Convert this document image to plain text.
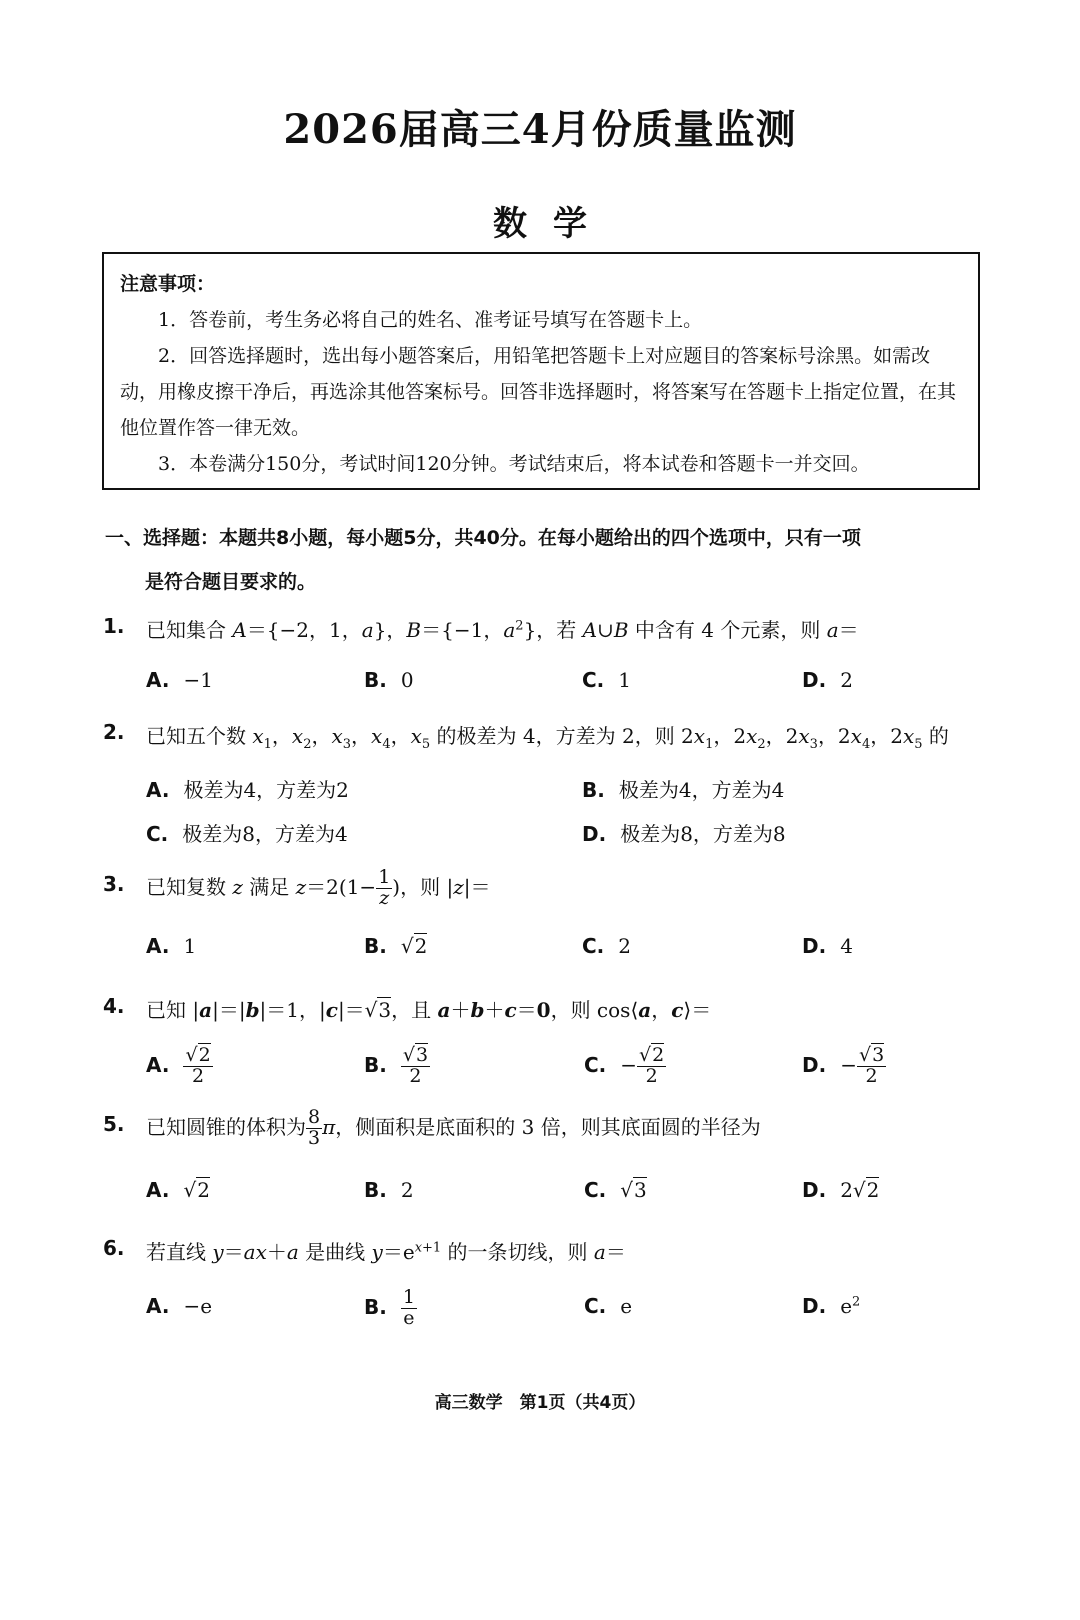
2026届高三4月份质量监测
数学

注意事项：

1．答卷前，考生务必将自己的姓名、准考证号填写在答题卡上。

2．回答选择题时，选出每小题答案后，用铅笔把答题卡上对应题目的答案标号涂黑。如需改动，用橡皮擦干净后，再选涂其他答案标号。回答非选择题时，将答案写在答题卡上指定位置，在其他位置作答一律无效。

3．本卷满分150分，考试时间120分钟。考试结束后，将本试卷和答题卡一并交回。

一、选择题：本题共8小题，每小题5分，共40分。在每小题给出的四个选项中，只有一项
是符合题目要求的。
1. 已知集合 A＝{−2，1，a}，B＝{−1，$a^2$}，若 A∪B 中含有 4 个元素，则 a＝
A. −1	B. 0	C. 1	D. 2
2. 已知五个数 $x_1$，$x_2$，$x_3$，$x_4$，$x_5$ 的极差为 4，方差为 2，则 $2x_1$，$2x_2$，$2x_3$，$2x_4$，$2x_5$ 的
A. 极差为4，方差为2	B. 极差为4，方差为4
C. 极差为8，方差为4	D. 极差为8，方差为8
3. 已知复数 z 满足 $z=2(1- \frac{1}{z}$ )，则 |z|＝
A. 1	B. √2	C. 2	D. 4
4. 已知 |a|＝|b|＝1，|c|＝√3，且 a＋b＋c＝0，则 cos⟨a，c⟩＝
A. $\frac{√2}{2}$	B. $\frac{√3}{2}$	C. − $\frac{√2}{2}$	D. − $\frac{√3}{2}$
5. 已知圆锥的体积为 $\frac{8}{3}$ π，侧面积是底面积的 3 倍，则其底面圆的半径为
A. √2	B. 2	C. √3	D. 2√2
6. 若直线 y＝ax＋a 是曲线 $y=e^{x+1}$ 的一条切线，则 a＝
A. −e	B. $\frac{1}{e}$	C. e	D. $e^2$
高三数学　第1页（共4页）
